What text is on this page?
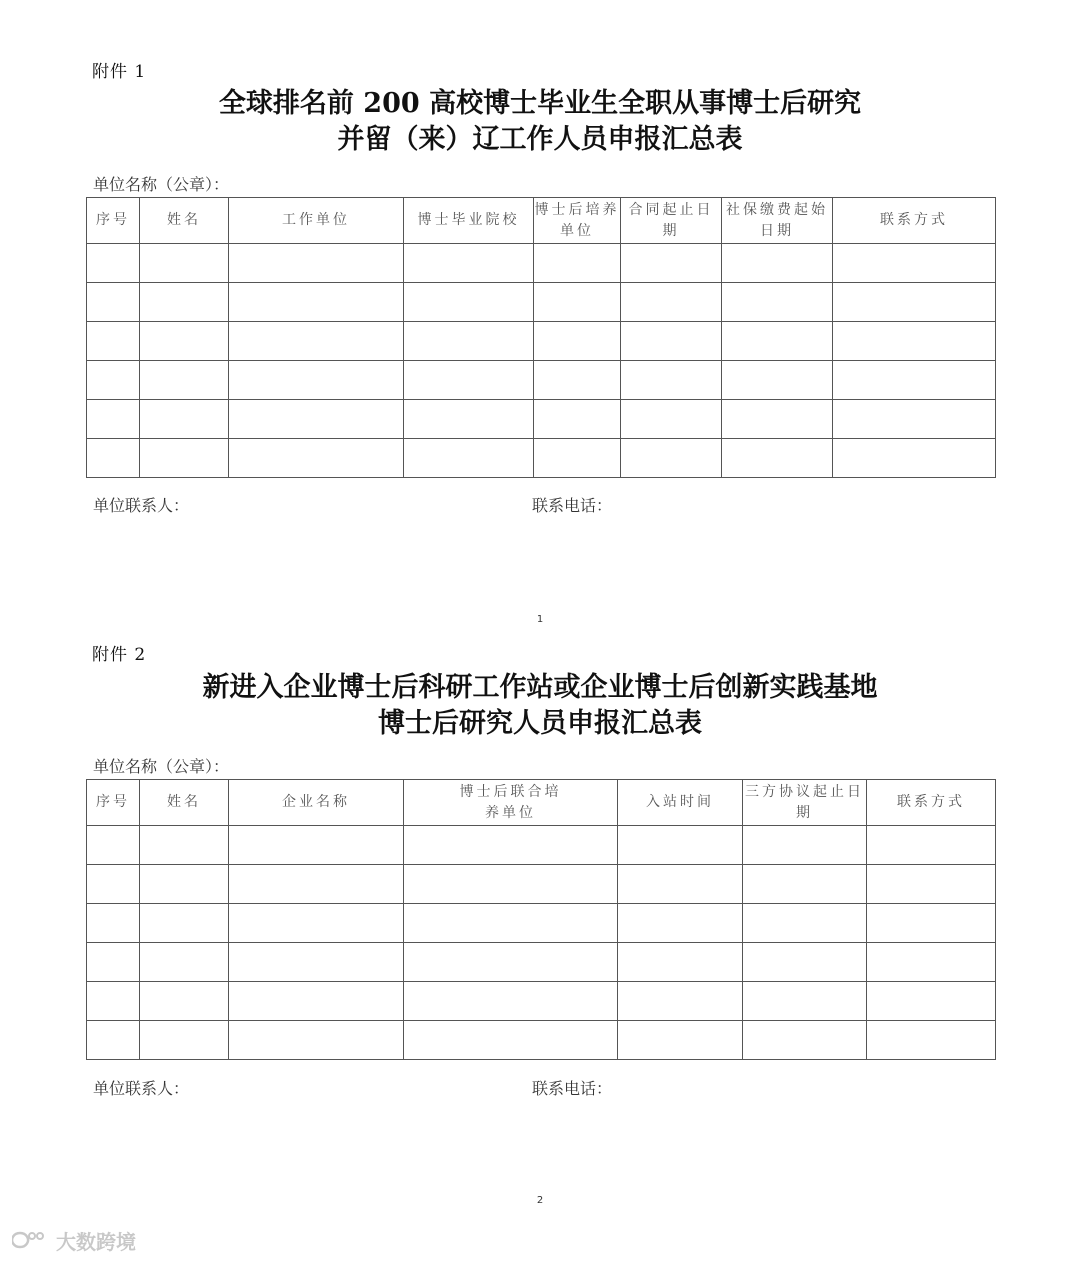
附件 1
全球排名前 200 高校博士毕业生全职从事博士后研究
并留（来）辽工作人员申报汇总表
单位名称（公章）：
序号	姓名	工作单位	博士毕业院校	博士后培养单位	合同起止日期	社保缴费起始日期	联系方式

单位联系人：	联系电话：
1
附件 2
新进入企业博士后科研工作站或企业博士后创新实践基地
博士后研究人员申报汇总表
单位名称（公章）：
序号	姓名	企业名称	博士后联合培养单位	入站时间	三方协议起止日期	联系方式

单位联系人：	联系电话：
2
大数跨境
